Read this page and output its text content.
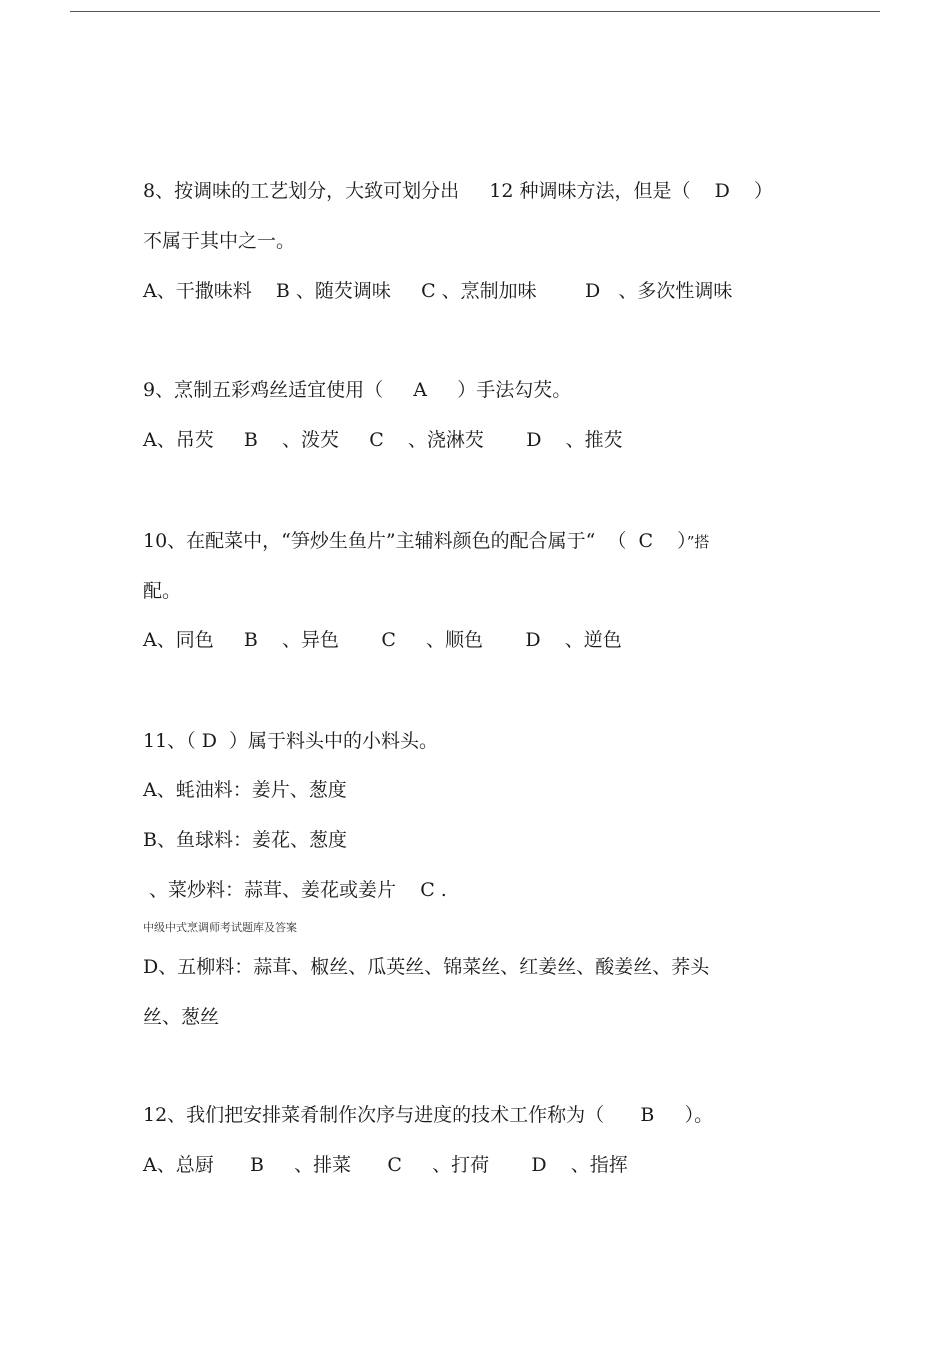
8、按调味的工艺划分，大致可划分出     12 种调味方法，但是（    D    ）
不属于其中之一。
A、干撒味料    B 、随芡调味     C 、烹制加味        D   、多次性调味
9、烹制五彩鸡丝适宜使用（     A     ）手法勾芡。
A、吊芡     B    、泼芡     C    、浇淋芡       D    、推芡
10、在配菜中，“笋炒生鱼片”主辅料颜色的配合属于“  （  C    ）”搭
配。
A、同色     B    、异色       C     、顺色       D    、逆色
11、（ D  ）属于料头中的小料头。
A、蚝油料：姜片、葱度
B、鱼球料：姜花、葱度
、菜炒料：蒜茸、姜花或姜片    C .
中级中式烹调师考试题库及答案
D、五柳料：蒜茸、椒丝、瓜英丝、锦菜丝、红姜丝、酸姜丝、荞头
丝、葱丝
12、我们把安排菜肴制作次序与进度的技术工作称为（      B     ）。
A、总厨      B     、排菜      C     、打荷       D    、指挥
